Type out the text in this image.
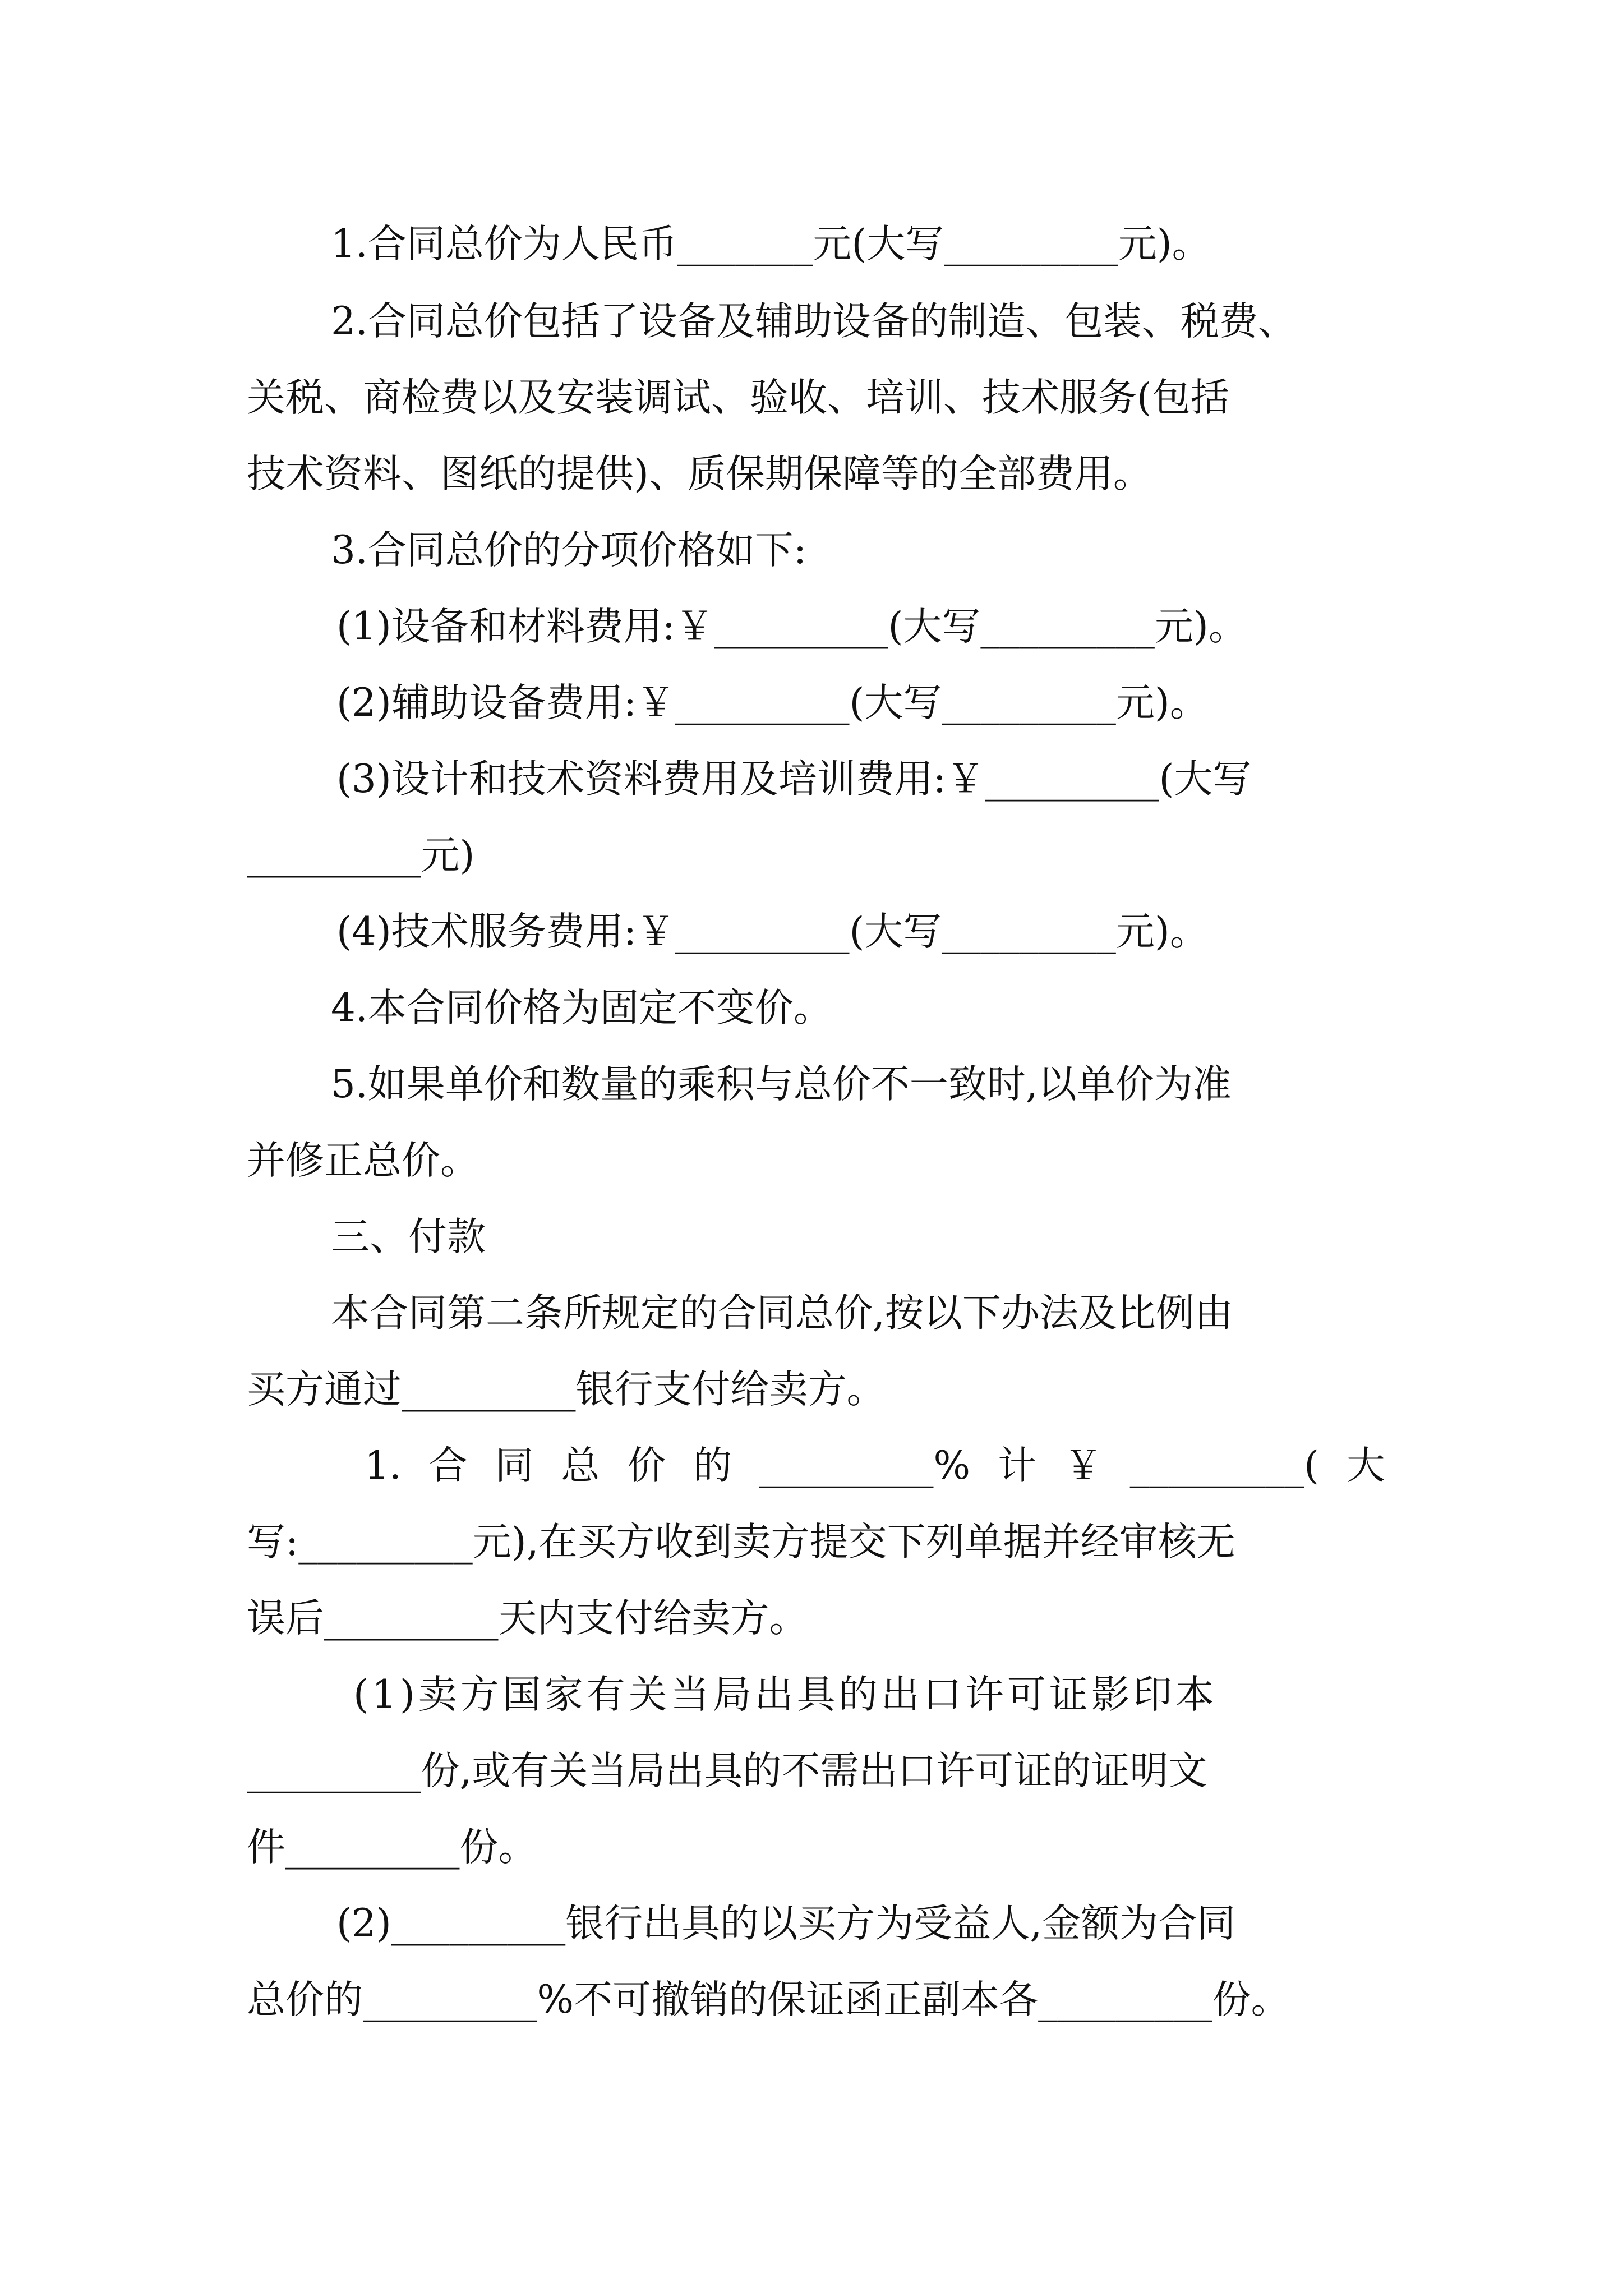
1.合同总价为人民币_______元(大写_________元)。
2.合同总价包括了设备及辅助设备的制造、包装、税费、
关税、商检费以及安装调试、验收、培训、技术服务(包括
技术资料、图纸的提供)、质保期保障等的全部费用。
3.合同总价的分项价格如下:
(1)设备和材料费用:￥_________(大写_________元)。
(2)辅助设备费用:￥_________(大写_________元)。
(3)设计和技术资料费用及培训费用:￥_________(大写
_________元)
(4)技术服务费用:￥_________(大写_________元)。
4.本合同价格为固定不变价。
5.如果单价和数量的乘积与总价不一致时,以单价为准
并修正总价。
三、付款
本合同第二条所规定的合同总价,按以下办法及比例由
买方通过_________银行支付给卖方。
1. 合 同 总 价 的 _________% 计 ￥ _________( 大
写:_________元),在买方收到卖方提交下列单据并经审核无
误后_________天内支付给卖方。
(1)卖方国家有关当局出具的出口许可证影印本
_________份,或有关当局出具的不需出口许可证的证明文
件_________份。
(2)_________银行出具的以买方为受益人,金额为合同
总价的_________%不可撤销的保证函正副本各_________份。
